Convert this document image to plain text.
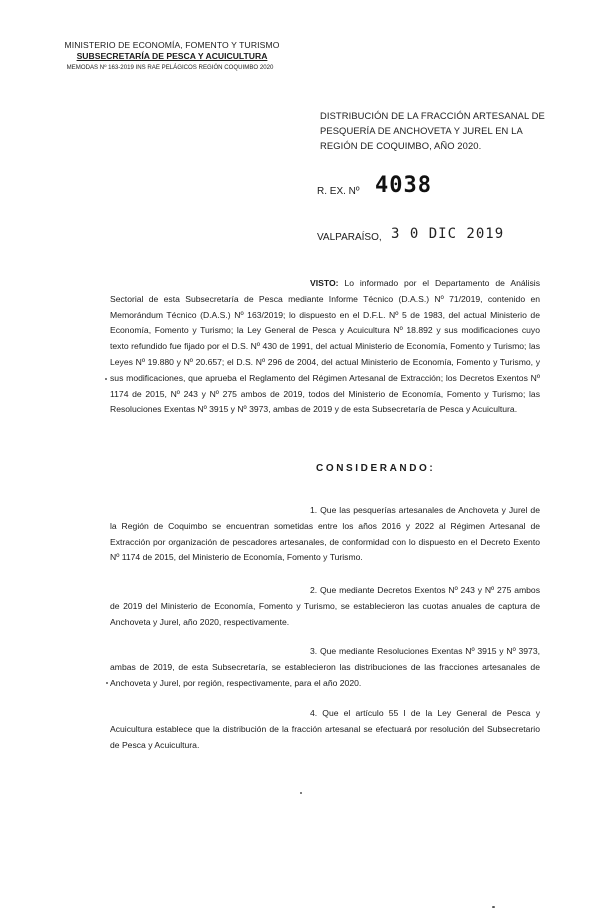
MINISTERIO DE ECONOMÍA, FOMENTO Y TURISMO
SUBSECRETARÍA DE PESCA Y ACUICULTURA
MEMODAS Nº 163-2019 INS RAE PELÁGICOS REGIÓN COQUIMBO 2020
DISTRIBUCIÓN DE LA FRACCIÓN ARTESANAL DE PESQUERÍA DE ANCHOVETA Y JUREL EN LA REGIÓN DE COQUIMBO, AÑO 2020.
R. EX. Nº 4038
VALPARAÍSO, 3 0 DIC 2019
VISTO: Lo informado por el Departamento de Análisis Sectorial de esta Subsecretaría de Pesca mediante Informe Técnico (D.A.S.) Nº 71/2019, contenido en Memorándum Técnico (D.A.S.) Nº 163/2019; lo dispuesto en el D.F.L. Nº 5 de 1983, del actual Ministerio de Economía, Fomento y Turismo; la Ley General de Pesca y Acuicultura Nº 18.892 y sus modificaciones cuyo texto refundido fue fijado por el D.S. Nº 430 de 1991, del actual Ministerio de Economía, Fomento y Turismo; las Leyes Nº 19.880 y Nº 20.657; el D.S. Nº 296 de 2004, del actual Ministerio de Economía, Fomento y Turismo, y sus modificaciones, que aprueba el Reglamento del Régimen Artesanal de Extracción; los Decretos Exentos Nº 1174 de 2015, Nº 243 y Nº 275 ambos de 2019, todos del Ministerio de Economía, Fomento y Turismo; las Resoluciones Exentas Nº 3915 y Nº 3973, ambas de 2019 y de esta Subsecretaría de Pesca y Acuicultura.
CONSIDERANDO:
1. Que las pesquerías artesanales de Anchoveta y Jurel de la Región de Coquimbo se encuentran sometidas entre los años 2016 y 2022 al Régimen Artesanal de Extracción por organización de pescadores artesanales, de conformidad con lo dispuesto en el Decreto Exento Nº 1174 de 2015, del Ministerio de Economía, Fomento y Turismo.
2. Que mediante Decretos Exentos Nº 243 y Nº 275 ambos de 2019 del Ministerio de Economía, Fomento y Turismo, se establecieron las cuotas anuales de captura de Anchoveta y Jurel, año 2020, respectivamente.
3. Que mediante Resoluciones Exentas Nº 3915 y Nº 3973, ambas de 2019, de esta Subsecretaría, se establecieron las distribuciones de las fracciones artesanales de Anchoveta y Jurel, por región, respectivamente, para el año 2020.
4. Que el artículo 55 I de la Ley General de Pesca y Acuicultura establece que la distribución de la fracción artesanal se efectuará por resolución del Subsecretario de Pesca y Acuicultura.
